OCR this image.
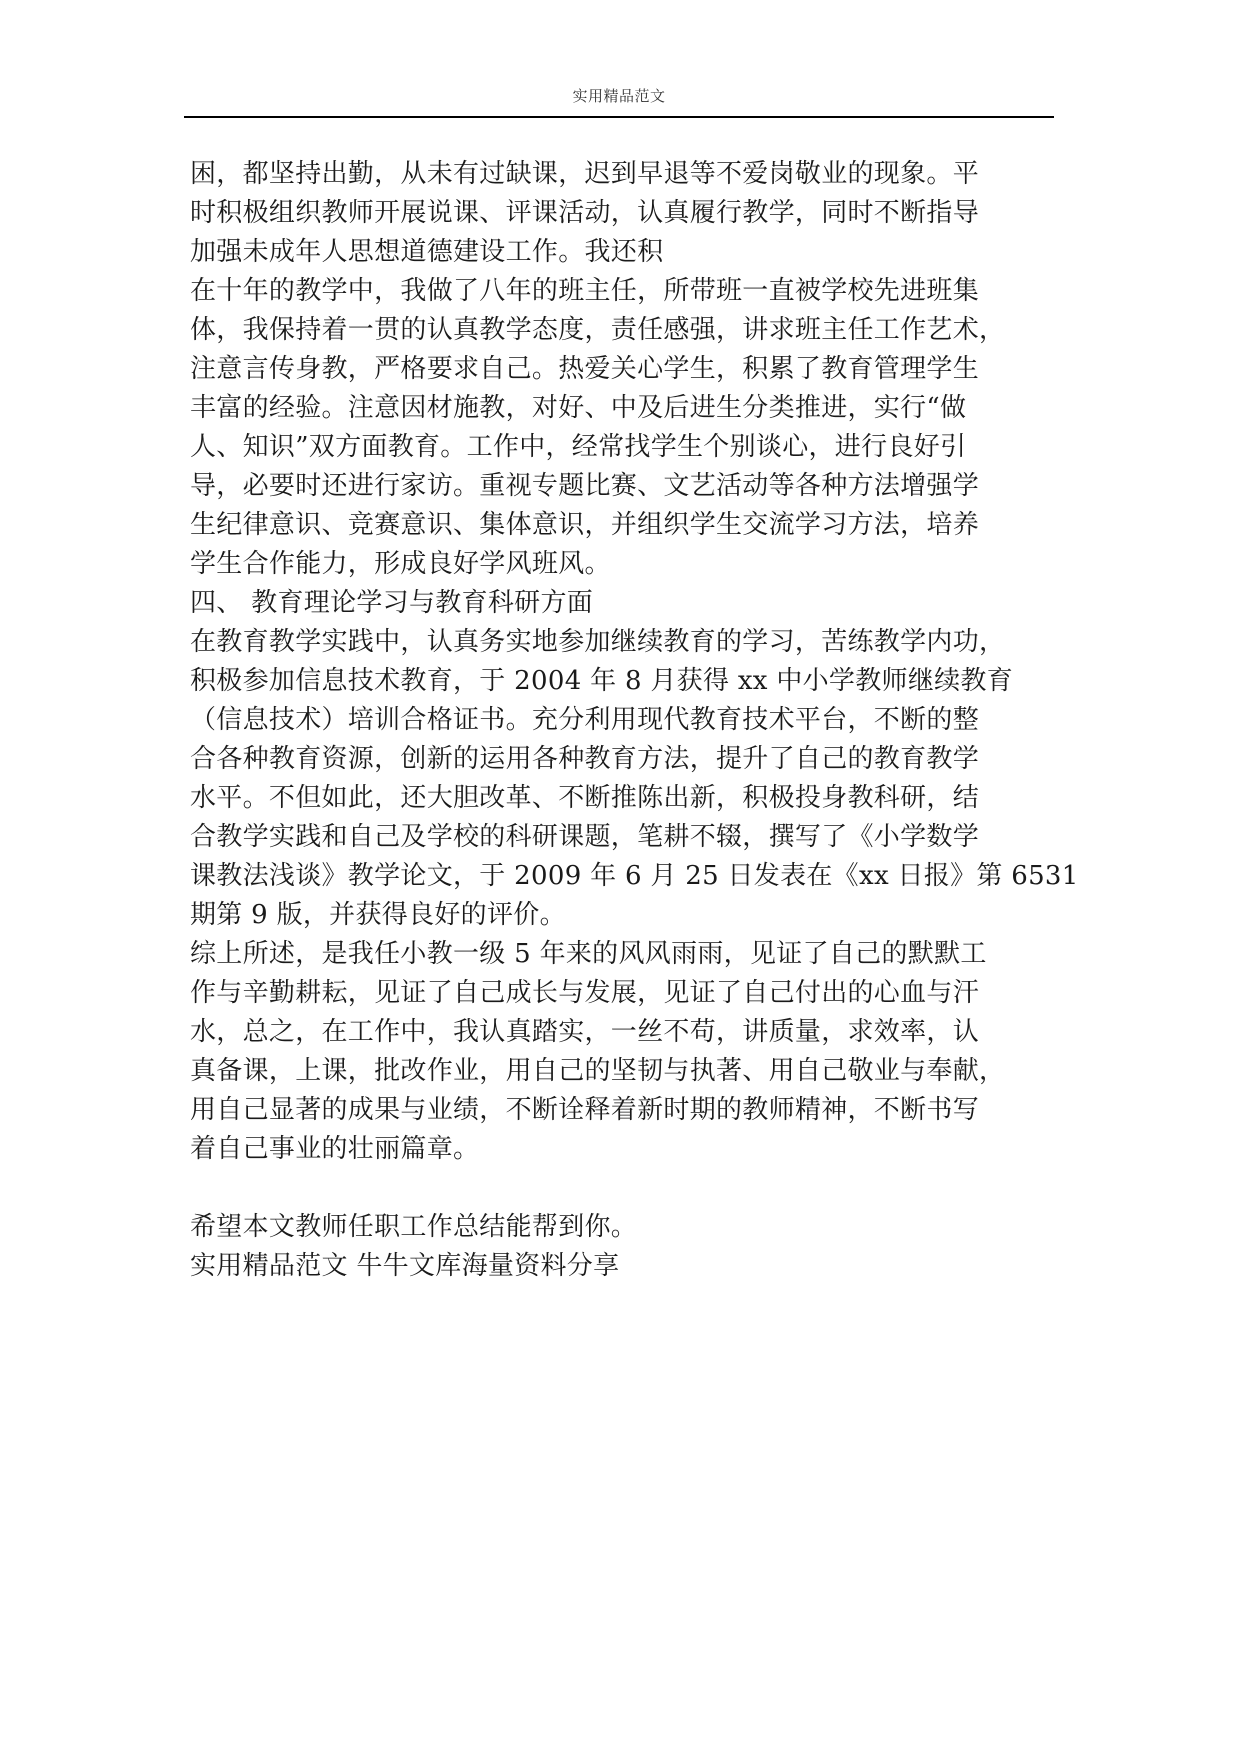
实用精品范文
困，都坚持出勤，从未有过缺课，迟到早退等不爱岗敬业的现象。平
时积极组织教师开展说课、评课活动，认真履行教学，同时不断指导
加强未成年人思想道德建设工作。我还积
在十年的教学中，我做了八年的班主任，所带班一直被学校先进班集
体，我保持着一贯的认真教学态度，责任感强，讲求班主任工作艺术，
注意言传身教，严格要求自己。热爱关心学生，积累了教育管理学生
丰富的经验。注意因材施教，对好、中及后进生分类推进，实行“做
人、知识”双方面教育。工作中，经常找学生个别谈心，进行良好引
导，必要时还进行家访。重视专题比赛、文艺活动等各种方法增强学
生纪律意识、竞赛意识、集体意识，并组织学生交流学习方法，培养
学生合作能力，形成良好学风班风。
四、 教育理论学习与教育科研方面
在教育教学实践中，认真务实地参加继续教育的学习，苦练教学内功，
积极参加信息技术教育，于 2004 年 8 月获得 xx 中小学教师继续教育
（信息技术）培训合格证书。充分利用现代教育技术平台，不断的整
合各种教育资源，创新的运用各种教育方法，提升了自己的教育教学
水平。不但如此，还大胆改革、不断推陈出新，积极投身教科研，结
合教学实践和自己及学校的科研课题，笔耕不辍，撰写了《小学数学
课教法浅谈》教学论文，于 2009 年 6 月 25 日发表在《xx 日报》第 6531
期第 9 版，并获得良好的评价。
综上所述，是我任小教一级 5 年来的风风雨雨，见证了自己的默默工
作与辛勤耕耘，见证了自己成长与发展，见证了自己付出的心血与汗
水，总之，在工作中，我认真踏实，一丝不苟，讲质量，求效率，认
真备课，上课，批改作业，用自己的坚韧与执著、用自己敬业与奉献，
用自己显著的成果与业绩，不断诠释着新时期的教师精神，不断书写
着自己事业的壮丽篇章。
希望本文教师任职工作总结能帮到你。
实用精品范文 牛牛文库海量资料分享
